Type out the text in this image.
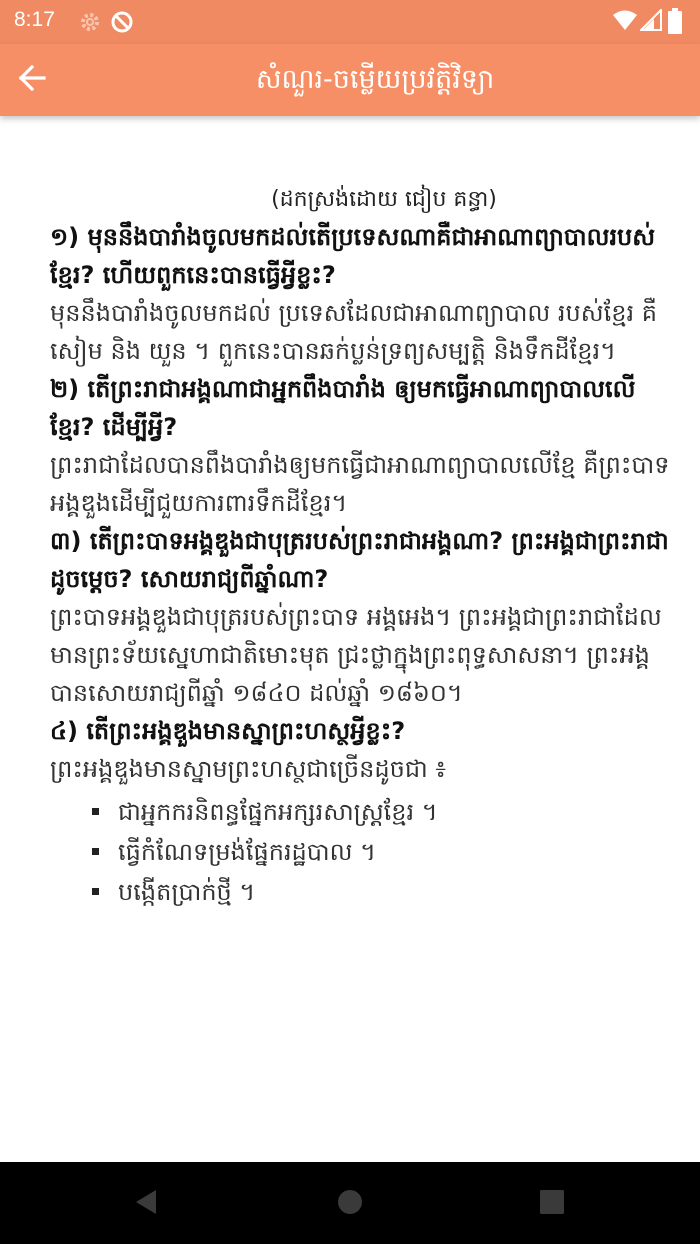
8:17
សំណួរ-ចម្លើយប្រវត្តិវិទ្យា
(ដកស្រង់ដោយ ជៀប គន្ធា)

១) មុននឹងបារាំងចូលមកដល់តើប្រទេសណាគឺជាអាណាព្យាបាលរបស់ខ្មែរ? ហើយពួកនេះបានធ្វើអ្វីខ្លះ?

មុននឹងបារាំងចូលមកដល់ ប្រទេសដែលជាអាណាព្យាបាល របស់ខ្មែរ គឺ សៀម និង យួន ។ ពួកនេះបានឆក់ប្លន់ទ្រព្យសម្បត្តិ និងទឹកដីខ្មែរ។

២) តើព្រះរាជាអង្គណាជាអ្នកពឹងបារាំង ឲ្យមកធ្វើអាណាព្យាបាលលើខ្មែរ? ដើម្បីអ្វី?

ព្រះរាជាដែលបានពឹងបារាំងឲ្យមកធ្វើជាអាណាព្យាបាលលើខ្មែ គឺព្រះបាទ អង្គឌួងដើម្បីជួយការពារទឹកដីខ្មែរ។

៣) តើព្រះបាទអង្គឌួងជាបុត្ររបស់ព្រះរាជាអង្គណា? ព្រះអង្គជាព្រះរាជាដូចម្តេច? សោយរាជ្យពីឆ្នាំណា?

ព្រះបាទអង្គឌួងជាបុត្ររបស់ព្រះបាទ អង្គអេង។ ព្រះអង្គជាព្រះរាជាដែលមានព្រះទ័យស្នេហាជាតិមោះមុត ជ្រះថ្លាក្នុងព្រះពុទ្ធសាសនា។ ព្រះអង្គបានសោយរាជ្យពីឆ្នាំ ១៨៤០ ដល់ឆ្នាំ ១៨៦០។

៤) តើព្រះអង្គឌួងមានស្នាព្រះហស្ថអ្វីខ្លះ?

ព្រះអង្គឌួងមានស្នាមព្រះហស្ថជាច្រើនដូចជា ៖

ជាអ្នកករនិពន្ធផ្នែកអក្សរសាស្ត្រខ្មែរ ។
ធ្វើកំណែទម្រង់ផ្នែករដ្ឋបាល ។
បង្កើតប្រាក់ថ្មី ។
